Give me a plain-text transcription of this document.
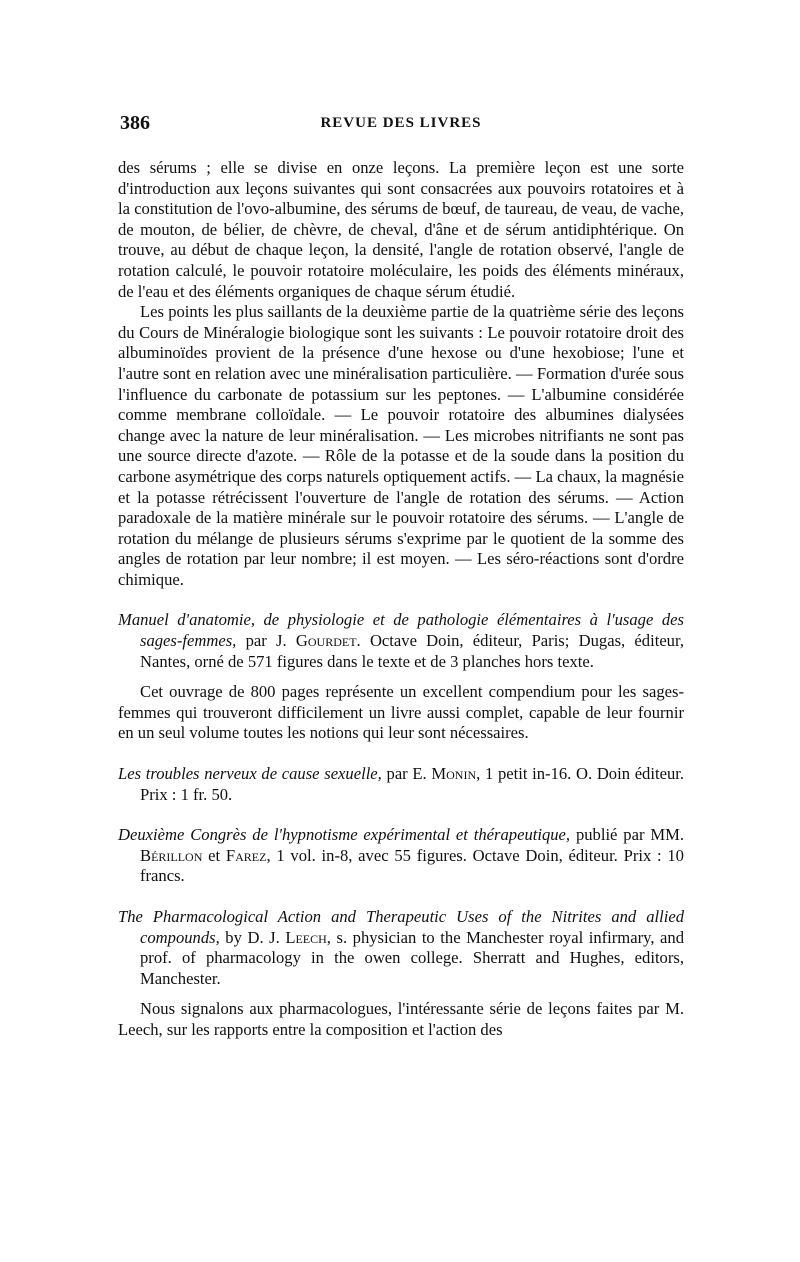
386	REVUE DES LIVRES

des sérums ; elle se divise en onze leçons. La première leçon est une sorte d'introduction aux leçons suivantes qui sont consacrées aux pouvoirs rotatoires et à la constitution de l'ovo-albumine, des sérums de bœuf, de taureau, de veau, de vache, de mouton, de bélier, de chèvre, de cheval, d'âne et de sérum antidiphtérique. On trouve, au début de chaque leçon, la densité, l'angle de rotation observé, l'angle de rotation calculé, le pouvoir rotatoire moléculaire, les poids des éléments minéraux, de l'eau et des éléments organiques de chaque sérum étudié.

Les points les plus saillants de la deuxième partie de la quatrième série des leçons du Cours de Minéralogie biologique sont les suivants : Le pouvoir rotatoire droit des albuminoïdes provient de la présence d'une hexose ou d'une hexobiose; l'une et l'autre sont en relation avec une minéralisation particulière. — Formation d'urée sous l'influence du carbonate de potassium sur les peptones. — L'albumine considérée comme membrane colloïdale. — Le pouvoir rotatoire des albumines dialysées change avec la nature de leur minéralisation. — Les microbes nitrifiants ne sont pas une source directe d'azote. — Rôle de la potasse et de la soude dans la position du carbone asymétrique des corps naturels optiquement actifs. — La chaux, la magnésie et la potasse rétrécissent l'ouverture de l'angle de rotation des sérums. — Action paradoxale de la matière minérale sur le pouvoir rotatoire des sérums. — L'angle de rotation du mélange de plusieurs sérums s'exprime par le quotient de la somme des angles de rotation par leur nombre; il est moyen. — Les séro-réactions sont d'ordre chimique.

Manuel d'anatomie, de physiologie et de pathologie élémentaires à l'usage des sages-femmes, par J. Gourdet. Octave Doin, éditeur, Paris; Dugas, éditeur, Nantes, orné de 571 figures dans le texte et de 3 planches hors texte.

Cet ouvrage de 800 pages représente un excellent compendium pour les sages-femmes qui trouveront difficilement un livre aussi complet, capable de leur fournir en un seul volume toutes les notions qui leur sont nécessaires.

Les troubles nerveux de cause sexuelle, par E. Monin, 1 petit in-16. O. Doin éditeur. Prix : 1 fr. 50.

Deuxième Congrès de l'hypnotisme expérimental et thérapeutique, publié par MM. Bérillon et Farez, 1 vol. in-8, avec 55 figures. Octave Doin, éditeur. Prix : 10 francs.

The Pharmacological Action and Therapeutic Uses of the Nitrites and allied compounds, by D. J. Leech, s. physician to the Manchester royal infirmary, and prof. of pharmacology in the owen college. Sherratt and Hughes, editors, Manchester.

Nous signalons aux pharmacologues, l'intéressante série de leçons faites par M. Leech, sur les rapports entre la composition et l'action des
